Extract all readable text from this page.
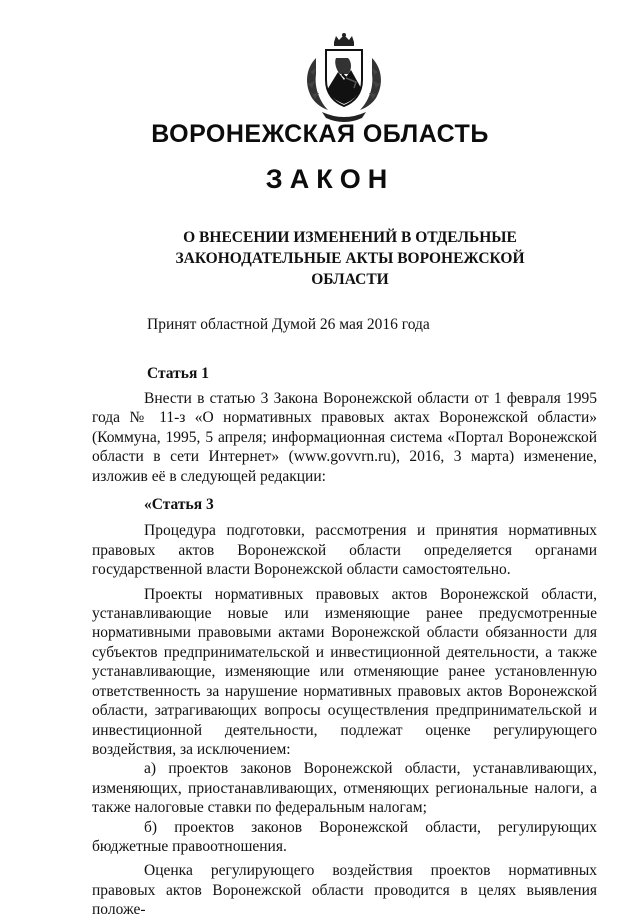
ВОРОНЕЖСКАЯ ОБЛАСТЬ
ЗАКОН
О ВНЕСЕНИИ ИЗМЕНЕНИЙ В ОТДЕЛЬНЫЕ
ЗАКОНОДАТЕЛЬНЫЕ АКТЫ ВОРОНЕЖСКОЙ
ОБЛАСТИ
Принят областной Думой 26 мая 2016 года
Статья 1

Внести в статью 3 Закона Воронежской области от 1 февраля 1995 года № 11-з «О нормативных правовых актах Воронежской области» (Коммуна, 1995, 5 апреля; информационная система «Портал Воронежской области в сети Интернет» (www.govvrn.ru), 2016, 3 марта) изменение, изложив её в следующей редакции:

«Статья 3

Процедура подготовки, рассмотрения и принятия нормативных правовых актов Воронежской области определяется органами государственной власти Воронежской области самостоятельно.

Проекты нормативных правовых актов Воронежской области, устанавливающие новые или изменяющие ранее предусмотренные нормативными правовыми актами Воронежской области обязанности для субъектов предпринимательской и инвестиционной деятельности, а также устанавливающие, изменяющие или отменяющие ранее установленную ответственность за нарушение нормативных правовых актов Воронежской области, затрагивающих вопросы осуществления предпринимательской и инвестиционной деятельности, подлежат оценке регулирующего воздействия, за исключением:

а) проектов законов Воронежской области, устанавливающих, изменяющих, приостанавливающих, отменяющих региональные налоги, а также налоговые ставки по федеральным налогам;

б) проектов законов Воронежской области, регулирующих бюджетные правоотношения.

Оценка регулирующего воздействия проектов нормативных правовых актов Воронежской области проводится в целях выявления положе-
